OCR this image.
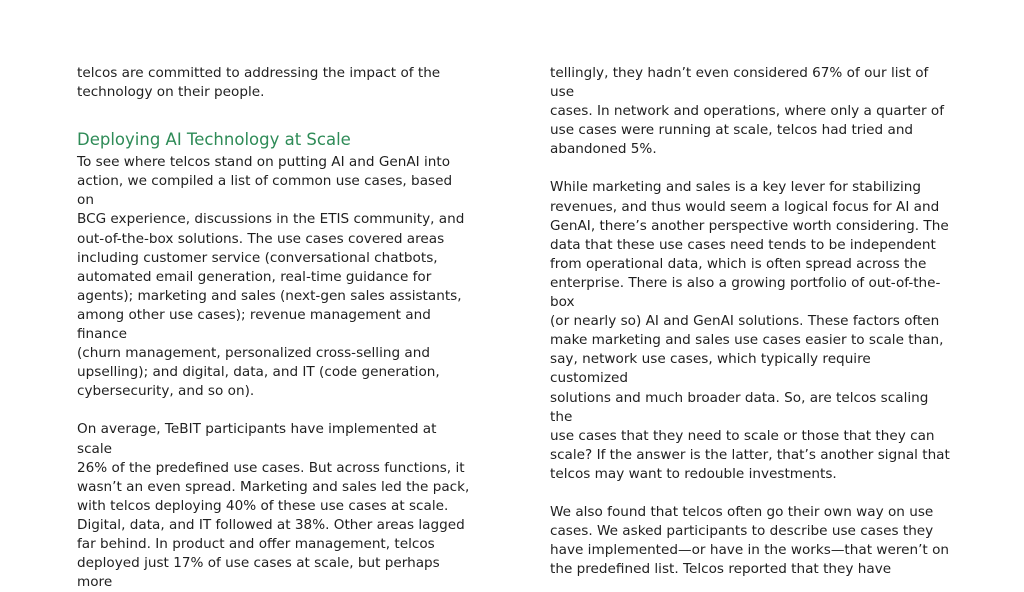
telcos are committed to addressing the impact of the
technology on their people.

Deploying AI Technology at Scale

To see where telcos stand on putting AI and GenAI into
action, we compiled a list of common use cases, based on
BCG experience, discussions in the ETIS community, and
out-of-the-box solutions. The use cases covered areas
including customer service (conversational chatbots,
automated email generation, real-time guidance for
agents); marketing and sales (next-gen sales assistants,
among other use cases); revenue management and finance
(churn management, personalized cross-selling and
upselling); and digital, data, and IT (code generation,
cybersecurity, and so on).

On average, TeBIT participants have implemented at scale
26% of the predefined use cases. But across functions, it
wasn’t an even spread. Marketing and sales led the pack,
with telcos deploying 40% of these use cases at scale.
Digital, data, and IT followed at 38%. Other areas lagged
far behind. In product and offer management, telcos
deployed just 17% of use cases at scale, but perhaps more

tellingly, they hadn’t even considered 67% of our list of use
cases. In network and operations, where only a quarter of
use cases were running at scale, telcos had tried and
abandoned 5%.

While marketing and sales is a key lever for stabilizing
revenues, and thus would seem a logical focus for AI and
GenAI, there’s another perspective worth considering. The
data that these use cases need tends to be independent
from operational data, which is often spread across the
enterprise. There is also a growing portfolio of out-of-the-box
(or nearly so) AI and GenAI solutions. These factors often
make marketing and sales use cases easier to scale than,
say, network use cases, which typically require customized
solutions and much broader data. So, are telcos scaling the
use cases that they need to scale or those that they can
scale? If the answer is the latter, that’s another signal that
telcos may want to redouble investments.

We also found that telcos often go their own way on use
cases. We asked participants to describe use cases they
have implemented—or have in the works—that weren’t on
the predefined list. Telcos reported that they have
